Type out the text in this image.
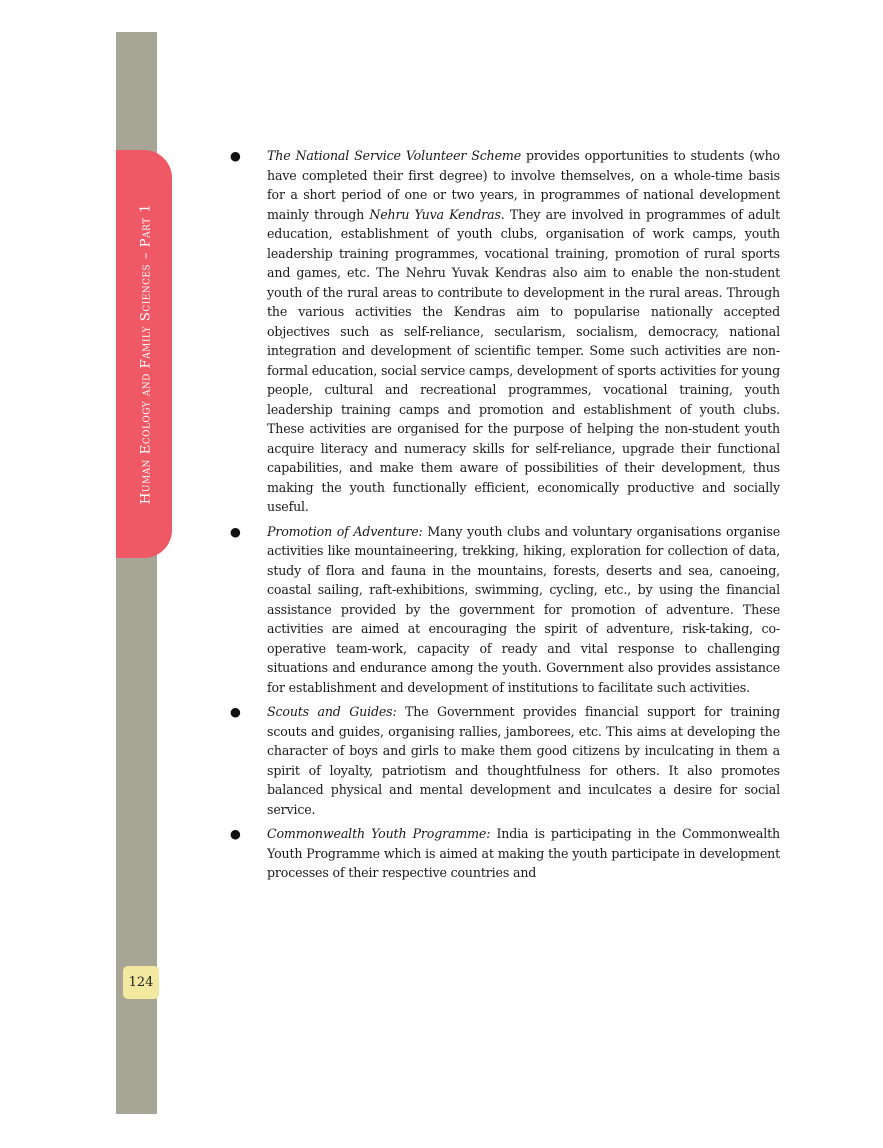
Human Ecology and Family Sciences – Part 1
124
● The National Service Volunteer Scheme provides opportunities to students (who have completed their first degree) to involve themselves, on a whole-time basis for a short period of one or two years, in programmes of national development mainly through Nehru Yuva Kendras. They are involved in programmes of adult education, establishment of youth clubs, organisation of work camps, youth leadership training programmes, vocational training, promotion of rural sports and games, etc. The Nehru Yuvak Kendras also aim to enable the non-student youth of the rural areas to contribute to development in the rural areas. Through the various activities the Kendras aim to popularise nationally accepted objectives such as self-reliance, secularism, socialism, democracy, national integration and development of scientific temper. Some such activities are non-formal education, social service camps, development of sports activities for young people, cultural and recreational programmes, vocational training, youth leadership training camps and promotion and establishment of youth clubs. These activities are organised for the purpose of helping the non-student youth acquire literacy and numeracy skills for self-reliance, upgrade their functional capabilities, and make them aware of possibilities of their development, thus making the youth functionally efficient, economically productive and socially useful.

● Promotion of Adventure: Many youth clubs and voluntary organisations organise activities like mountaineering, trekking, hiking, exploration for collection of data, study of flora and fauna in the mountains, forests, deserts and sea, canoeing, coastal sailing, raft-exhibitions, swimming, cycling, etc., by using the financial assistance provided by the government for promotion of adventure. These activities are aimed at encouraging the spirit of adventure, risk-taking, co-operative team-work, capacity of ready and vital response to challenging situations and endurance among the youth. Government also provides assistance for establishment and development of institutions to facilitate such activities.

● Scouts and Guides: The Government provides financial support for training scouts and guides, organising rallies, jamborees, etc. This aims at developing the character of boys and girls to make them good citizens by inculcating in them a spirit of loyalty, patriotism and thoughtfulness for others. It also promotes balanced physical and mental development and inculcates a desire for social service.

● Commonwealth Youth Programme: India is participating in the Commonwealth Youth Programme which is aimed at making the youth participate in development processes of their respective countries and
